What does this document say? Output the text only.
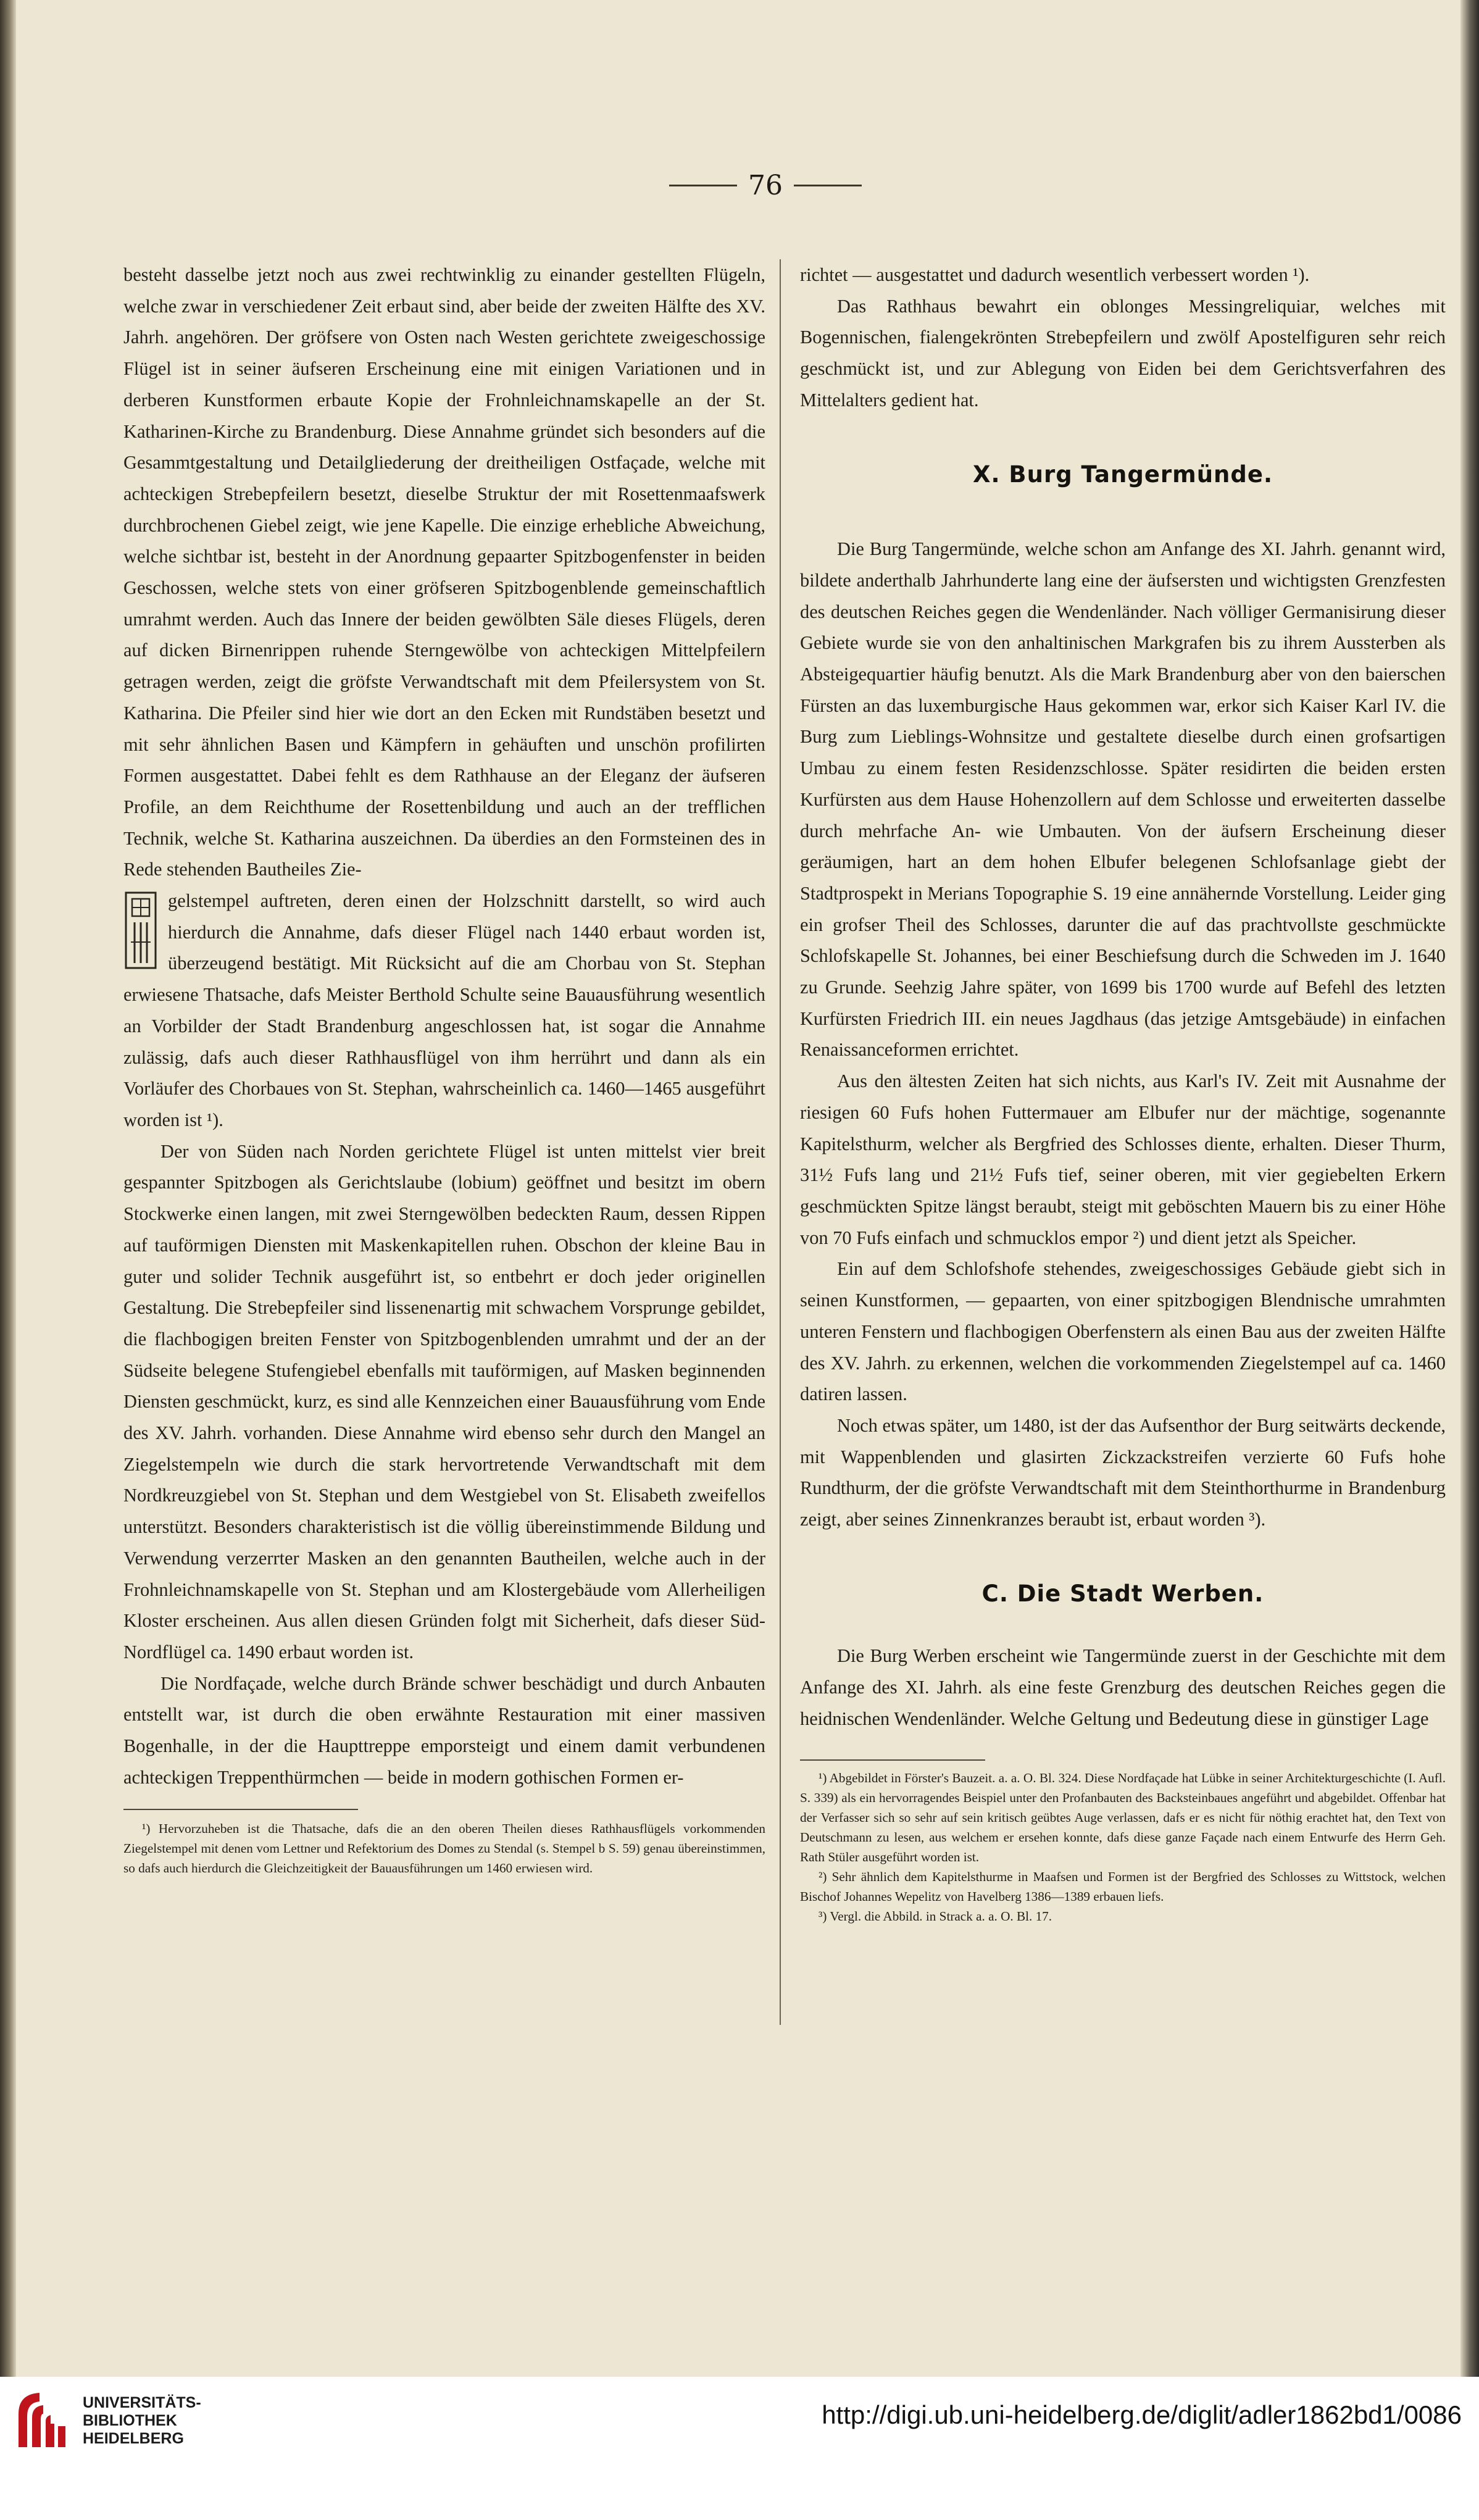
76

besteht dasselbe jetzt noch aus zwei rechtwinklig zu einander gestellten Flügeln, welche zwar in verschiedener Zeit erbaut sind, aber beide der zweiten Hälfte des XV. Jahrh. angehören. Der gröfsere von Osten nach Westen gerichtete zweigeschossige Flügel ist in seiner äufseren Erscheinung eine mit einigen Variationen und in derberen Kunstformen erbaute Kopie der Frohnleichnamskapelle an der St. Katharinen-Kirche zu Brandenburg. Diese Annahme gründet sich besonders auf die Gesammtgestaltung und Detailgliederung der dreitheiligen Ostfaçade, welche mit achteckigen Strebepfeilern besetzt, dieselbe Struktur der mit Rosettenmaafswerk durchbrochenen Giebel zeigt, wie jene Kapelle. Die einzige erhebliche Abweichung, welche sichtbar ist, besteht in der Anordnung gepaarter Spitzbogenfenster in beiden Geschossen, welche stets von einer gröfseren Spitzbogenblende gemeinschaftlich umrahmt werden. Auch das Innere der beiden gewölbten Säle dieses Flügels, deren auf dicken Birnenrippen ruhende Sterngewölbe von achteckigen Mittelpfeilern getragen werden, zeigt die gröfste Verwandtschaft mit dem Pfeilersystem von St. Katharina. Die Pfeiler sind hier wie dort an den Ecken mit Rundstäben besetzt und mit sehr ähnlichen Basen und Kämpfern in gehäuften und unschön profilirten Formen ausgestattet. Dabei fehlt es dem Rathhause an der Eleganz der äufseren Profile, an dem Reichthume der Rosettenbildung und auch an der trefflichen Technik, welche St. Katharina auszeichnen. Da überdies an den Formsteinen des in Rede stehenden Bautheiles Zie-

gelstempel auftreten, deren einen der Holzschnitt darstellt, so wird auch hierdurch die Annahme, dafs dieser Flügel nach 1440 erbaut worden ist, überzeugend bestätigt. Mit Rücksicht auf die am Chorbau von St. Stephan erwiesene Thatsache, dafs Meister Berthold Schulte seine Bauausführung wesentlich an Vorbilder der Stadt Brandenburg angeschlossen hat, ist sogar die Annahme zulässig, dafs auch dieser Rathhausflügel von ihm herrührt und dann als ein Vorläufer des Chorbaues von St. Stephan, wahrscheinlich ca. 1460—1465 ausgeführt worden ist ¹).

Der von Süden nach Norden gerichtete Flügel ist unten mittelst vier breit gespannter Spitzbogen als Gerichtslaube (lobium) geöffnet und besitzt im obern Stockwerke einen langen, mit zwei Sterngewölben bedeckten Raum, dessen Rippen auf tauförmigen Diensten mit Maskenkapitellen ruhen. Obschon der kleine Bau in guter und solider Technik ausgeführt ist, so entbehrt er doch jeder originellen Gestaltung. Die Strebepfeiler sind lissenenartig mit schwachem Vorsprunge gebildet, die flachbogigen breiten Fenster von Spitzbogenblenden umrahmt und der an der Südseite belegene Stufengiebel ebenfalls mit tauförmigen, auf Masken beginnenden Diensten geschmückt, kurz, es sind alle Kennzeichen einer Bauausführung vom Ende des XV. Jahrh. vorhanden. Diese Annahme wird ebenso sehr durch den Mangel an Ziegelstempeln wie durch die stark hervortretende Verwandtschaft mit dem Nordkreuzgiebel von St. Stephan und dem Westgiebel von St. Elisabeth zweifellos unterstützt. Besonders charakteristisch ist die völlig übereinstimmende Bildung und Verwendung verzerrter Masken an den genannten Bautheilen, welche auch in der Frohnleichnamskapelle von St. Stephan und am Klostergebäude vom Allerheiligen Kloster erscheinen. Aus allen diesen Gründen folgt mit Sicherheit, dafs dieser Süd-Nordflügel ca. 1490 erbaut worden ist.

Die Nordfaçade, welche durch Brände schwer beschädigt und durch Anbauten entstellt war, ist durch die oben erwähnte Restauration mit einer massiven Bogenhalle, in der die Haupttreppe emporsteigt und einem damit verbundenen achteckigen Treppenthürmchen — beide in modern gothischen Formen er-

¹) Hervorzuheben ist die Thatsache, dafs die an den oberen Theilen dieses Rathhausflügels vorkommenden Ziegelstempel mit denen vom Lettner und Refektorium des Domes zu Stendal (s. Stempel b S. 59) genau übereinstimmen, so dafs auch hierdurch die Gleichzeitigkeit der Bauausführungen um 1460 erwiesen wird.

richtet — ausgestattet und dadurch wesentlich verbessert worden ¹).

Das Rathhaus bewahrt ein oblonges Messingreliquiar, welches mit Bogennischen, fialengekrönten Strebepfeilern und zwölf Apostelfiguren sehr reich geschmückt ist, und zur Ablegung von Eiden bei dem Gerichtsverfahren des Mittelalters gedient hat.

X. Burg Tangermünde.

Die Burg Tangermünde, welche schon am Anfange des XI. Jahrh. genannt wird, bildete anderthalb Jahrhunderte lang eine der äufsersten und wichtigsten Grenzfesten des deutschen Reiches gegen die Wendenländer. Nach völliger Germanisirung dieser Gebiete wurde sie von den anhaltinischen Markgrafen bis zu ihrem Aussterben als Absteigequartier häufig benutzt. Als die Mark Brandenburg aber von den baierschen Fürsten an das luxemburgische Haus gekommen war, erkor sich Kaiser Karl IV. die Burg zum Lieblings-Wohnsitze und gestaltete dieselbe durch einen grofsartigen Umbau zu einem festen Residenzschlosse. Später residirten die beiden ersten Kurfürsten aus dem Hause Hohenzollern auf dem Schlosse und erweiterten dasselbe durch mehrfache An- wie Umbauten. Von der äufsern Erscheinung dieser geräumigen, hart an dem hohen Elbufer belegenen Schlofsanlage giebt der Stadtprospekt in Merians Topographie S. 19 eine annähernde Vorstellung. Leider ging ein grofser Theil des Schlosses, darunter die auf das prachtvollste geschmückte Schlofskapelle St. Johannes, bei einer Beschiefsung durch die Schweden im J. 1640 zu Grunde. Seehzig Jahre später, von 1699 bis 1700 wurde auf Befehl des letzten Kurfürsten Friedrich III. ein neues Jagdhaus (das jetzige Amtsgebäude) in einfachen Renaissanceformen errichtet.

Aus den ältesten Zeiten hat sich nichts, aus Karl's IV. Zeit mit Ausnahme der riesigen 60 Fufs hohen Futtermauer am Elbufer nur der mächtige, sogenannte Kapitelsthurm, welcher als Bergfried des Schlosses diente, erhalten. Dieser Thurm, 31½ Fufs lang und 21½ Fufs tief, seiner oberen, mit vier gegiebelten Erkern geschmückten Spitze längst beraubt, steigt mit geböschten Mauern bis zu einer Höhe von 70 Fufs einfach und schmucklos empor ²) und dient jetzt als Speicher.

Ein auf dem Schlofshofe stehendes, zweigeschossiges Gebäude giebt sich in seinen Kunstformen, — gepaarten, von einer spitzbogigen Blendnische umrahmten unteren Fenstern und flachbogigen Oberfenstern als einen Bau aus der zweiten Hälfte des XV. Jahrh. zu erkennen, welchen die vorkommenden Ziegelstempel auf ca. 1460 datiren lassen.

Noch etwas später, um 1480, ist der das Aufsenthor der Burg seitwärts deckende, mit Wappenblenden und glasirten Zickzackstreifen verzierte 60 Fufs hohe Rundthurm, der die gröfste Verwandtschaft mit dem Steinthorthurme in Brandenburg zeigt, aber seines Zinnenkranzes beraubt ist, erbaut worden ³).

C. Die Stadt Werben.

Die Burg Werben erscheint wie Tangermünde zuerst in der Geschichte mit dem Anfange des XI. Jahrh. als eine feste Grenzburg des deutschen Reiches gegen die heidnischen Wendenländer. Welche Geltung und Bedeutung diese in günstiger Lage

¹) Abgebildet in Förster's Bauzeit. a. a. O. Bl. 324. Diese Nordfaçade hat Lübke in seiner Architekturgeschichte (I. Aufl. S. 339) als ein hervorragendes Beispiel unter den Profanbauten des Backsteinbaues angeführt und abgebildet. Offenbar hat der Verfasser sich so sehr auf sein kritisch geübtes Auge verlassen, dafs er es nicht für nöthig erachtet hat, den Text von Deutschmann zu lesen, aus welchem er ersehen konnte, dafs diese ganze Façade nach einem Entwurfe des Herrn Geh. Rath Stüler ausgeführt worden ist.

²) Sehr ähnlich dem Kapitelsthurme in Maafsen und Formen ist der Bergfried des Schlosses zu Wittstock, welchen Bischof Johannes Wepelitz von Havelberg 1386—1389 erbauen liefs.

³) Vergl. die Abbild. in Strack a. a. O. Bl. 17.

UNIVERSITÄTS-
BIBLIOTHEK
HEIDELBERG
http://digi.ub.uni-heidelberg.de/diglit/adler1862bd1/0086
